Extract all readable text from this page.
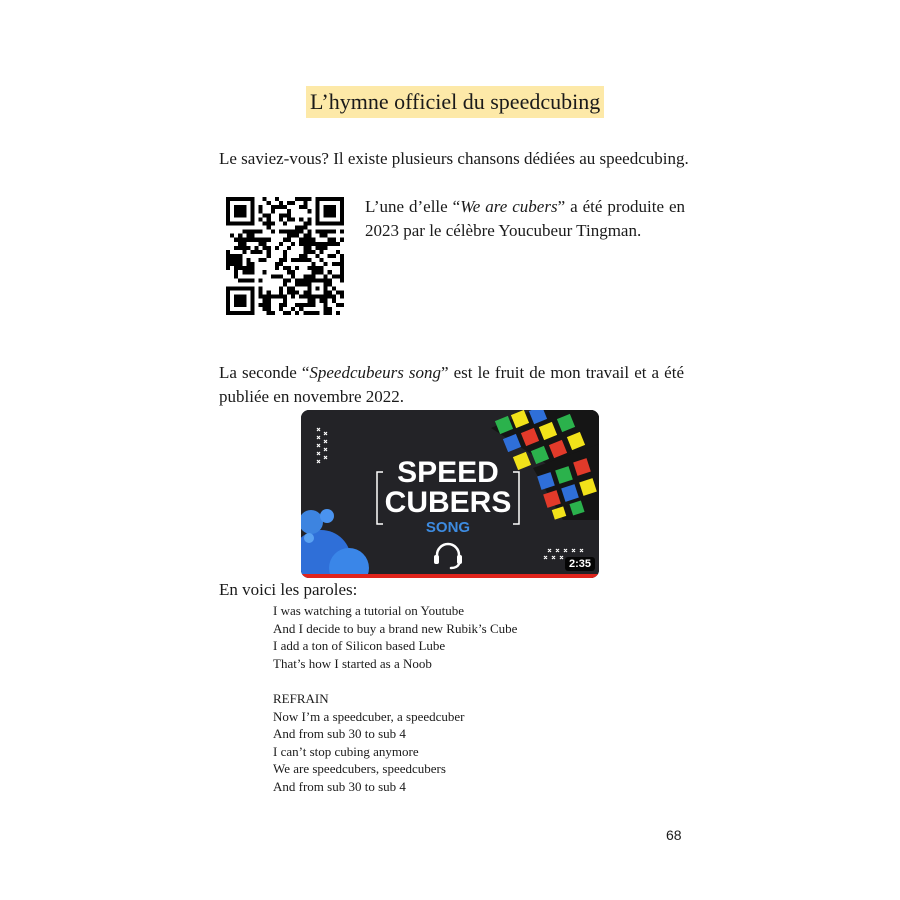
L’hymne officiel du speedcubing
Le saviez-vous? Il existe plusieurs chansons dédiées au speedcubing.
L’une d’elle “We are cubers” a été produite en 2023 par le célèbre Youcubeur Tingman.
La seconde “Speedcubeurs song” est le fruit de mon travail et a été publiée en novembre 2022.
SPEED
CUBERS
SONG
2:35
En voici les paroles:
I was watching a tutorial on Youtube
And I decide to buy a brand new Rubik’s Cube
I add a ton of Silicon based Lube
That’s how I started as a Noob
REFRAIN
Now I’m a speedcuber, a speedcuber
And from sub 30 to sub 4
I can’t stop cubing anymore
We are speedcubers, speedcubers
And from sub 30 to sub 4
68
